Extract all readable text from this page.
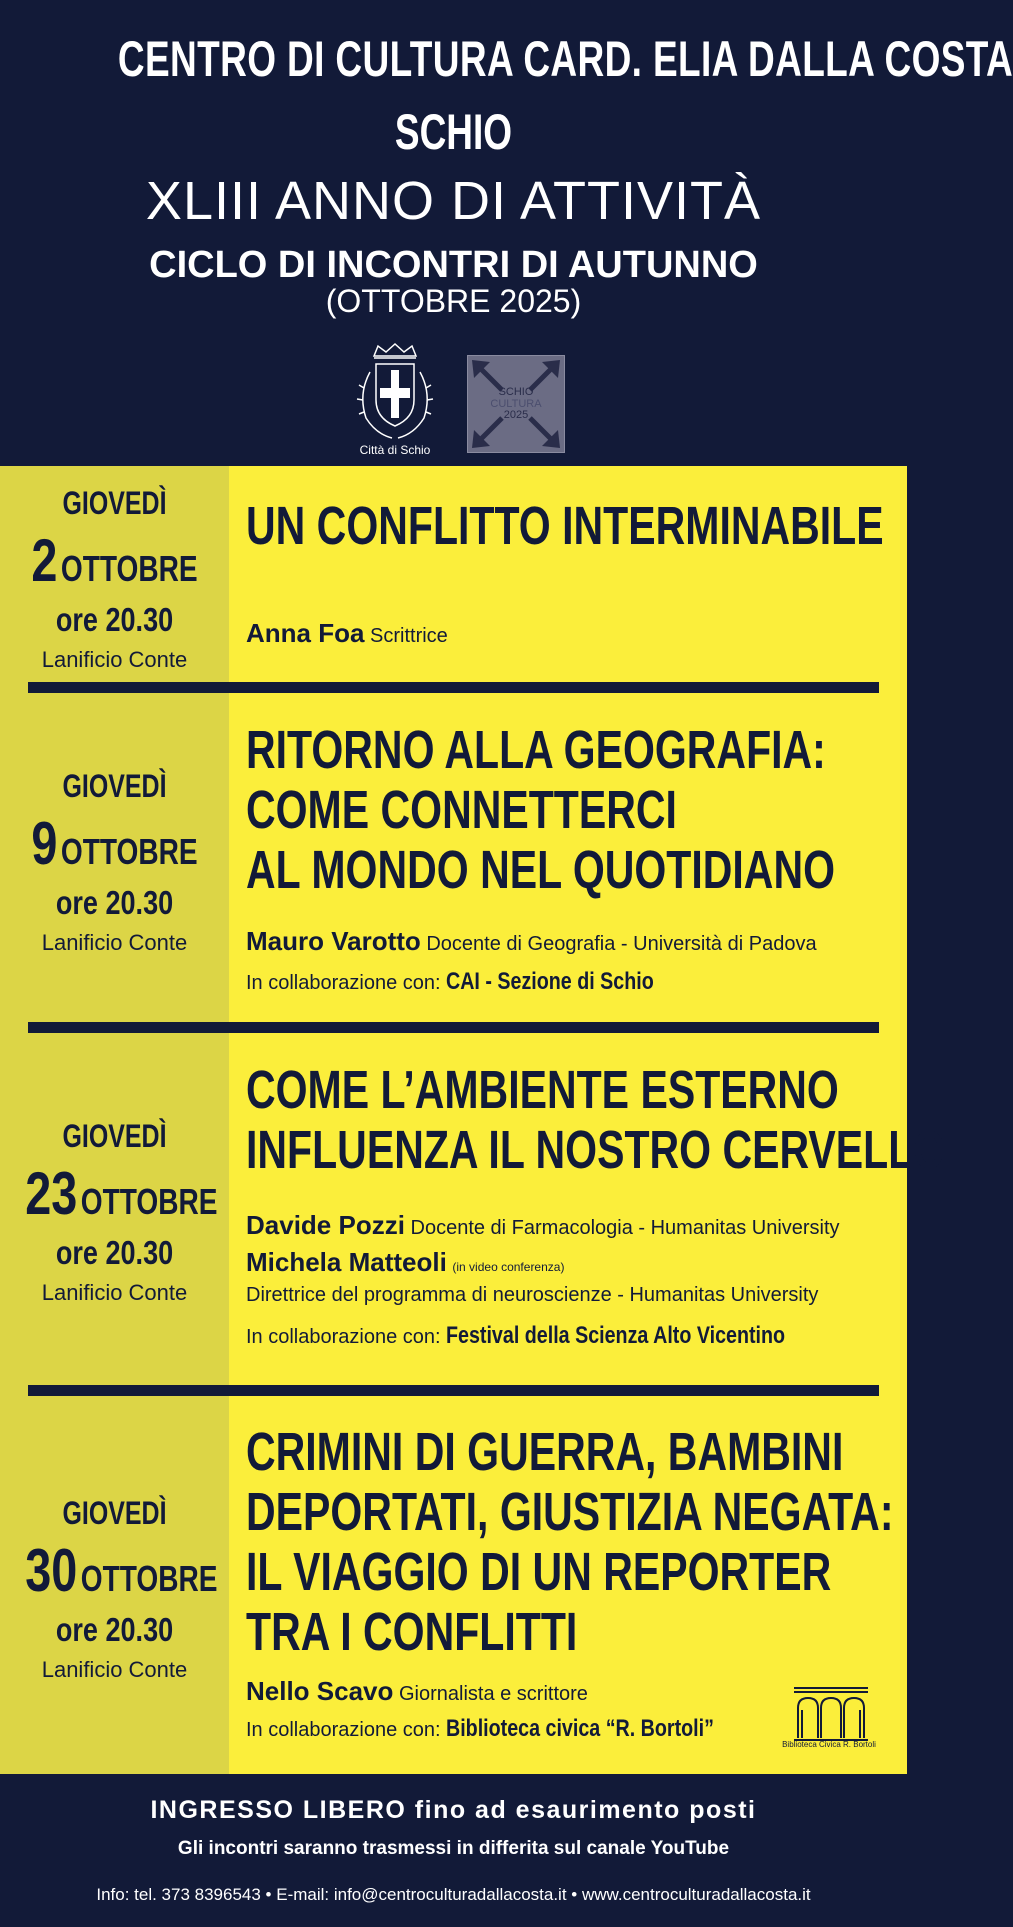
CENTRO DI CULTURA CARD. ELIA DALLA COSTA
SCHIO
XLIII ANNO DI ATTIVITÀ
CICLO DI INCONTRI DI AUTUNNO
(OTTOBRE 2025)
Città di Schio
SCHIO
CULTURA
2025
GIOVEDÌ
2 OTTOBRE
ore 20.30
Lanificio Conte
UN CONFLITTO INTERMINABILE
Anna Foa Scrittrice
GIOVEDÌ
9 OTTOBRE
ore 20.30
Lanificio Conte
RITORNO ALLA GEOGRAFIA:
COME CONNETTERCI
AL MONDO NEL QUOTIDIANO
Mauro Varotto Docente di Geografia - Università di Padova
In collaborazione con: CAI - Sezione di Schio
GIOVEDÌ
23 OTTOBRE
ore 20.30
Lanificio Conte
COME L’AMBIENTE ESTERNO
INFLUENZA IL NOSTRO CERVELLO
Davide Pozzi Docente di Farmacologia - Humanitas University
Michela Matteoli (in video conferenza)
Direttrice del programma di neuroscienze - Humanitas University
In collaborazione con: Festival della Scienza Alto Vicentino
GIOVEDÌ
30 OTTOBRE
ore 20.30
Lanificio Conte
CRIMINI DI GUERRA, BAMBINI
DEPORTATI, GIUSTIZIA NEGATA:
IL VIAGGIO DI UN REPORTER
TRA I CONFLITTI
Nello Scavo Giornalista e scrittore
In collaborazione con: Biblioteca civica “R. Bortoli”
Biblioteca Civica R. Bortoli
INGRESSO LIBERO fino ad esaurimento posti
Gli incontri saranno trasmessi in differita sul canale YouTube
Info: tel. 373 8396543 • E-mail: info@centroculturadallacosta.it • www.centroculturadallacosta.it
